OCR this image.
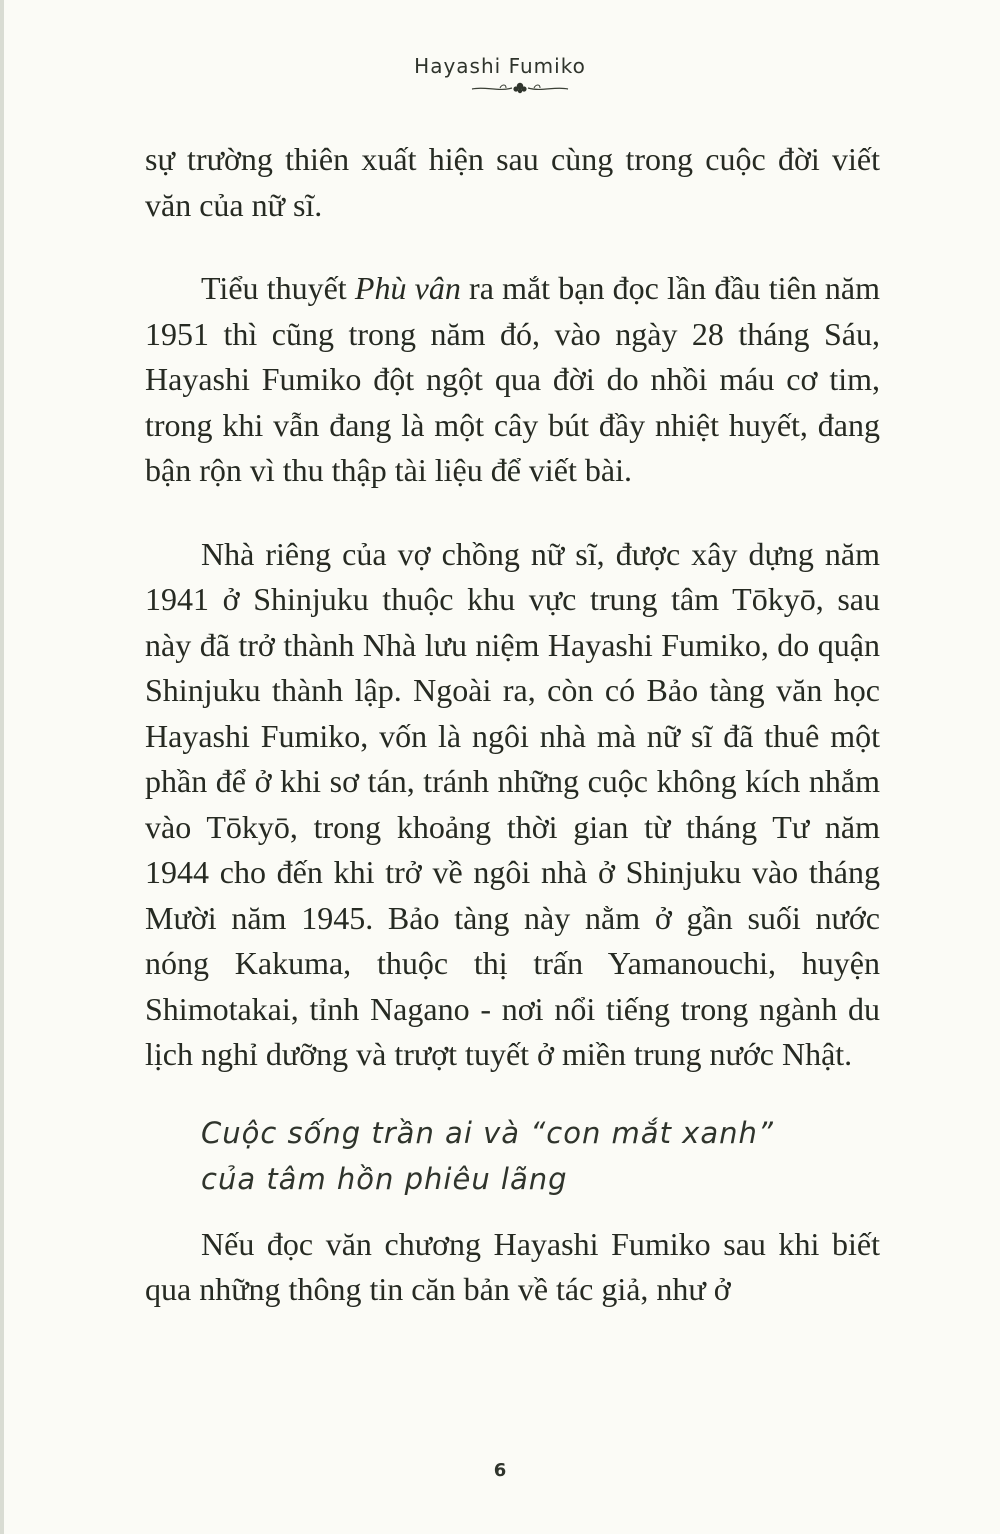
Hayashi Fumiko

sự trường thiên xuất hiện sau cùng trong cuộc đời viết văn của nữ sĩ.

Tiểu thuyết Phù vân ra mắt bạn đọc lần đầu tiên năm 1951 thì cũng trong năm đó, vào ngày 28 tháng Sáu, Hayashi Fumiko đột ngột qua đời do nhồi máu cơ tim, trong khi vẫn đang là một cây bút đầy nhiệt huyết, đang bận rộn vì thu thập tài liệu để viết bài.

Nhà riêng của vợ chồng nữ sĩ, được xây dựng năm 1941 ở Shinjuku thuộc khu vực trung tâm Tōkyō, sau này đã trở thành Nhà lưu niệm Hayashi Fumiko, do quận Shinjuku thành lập. Ngoài ra, còn có Bảo tàng văn học Hayashi Fumiko, vốn là ngôi nhà mà nữ sĩ đã thuê một phần để ở khi sơ tán, tránh những cuộc không kích nhắm vào Tōkyō, trong khoảng thời gian từ tháng Tư năm 1944 cho đến khi trở về ngôi nhà ở Shinjuku vào tháng Mười năm 1945. Bảo tàng này nằm ở gần suối nước nóng Kakuma, thuộc thị trấn Yamanouchi, huyện Shimotakai, tỉnh Nagano - nơi nổi tiếng trong ngành du lịch nghỉ dưỡng và trượt tuyết ở miền trung nước Nhật.

Cuộc sống trần ai và “con mắt xanh”
của tâm hồn phiêu lãng

Nếu đọc văn chương Hayashi Fumiko sau khi biết qua những thông tin căn bản về tác giả, như ở

6
